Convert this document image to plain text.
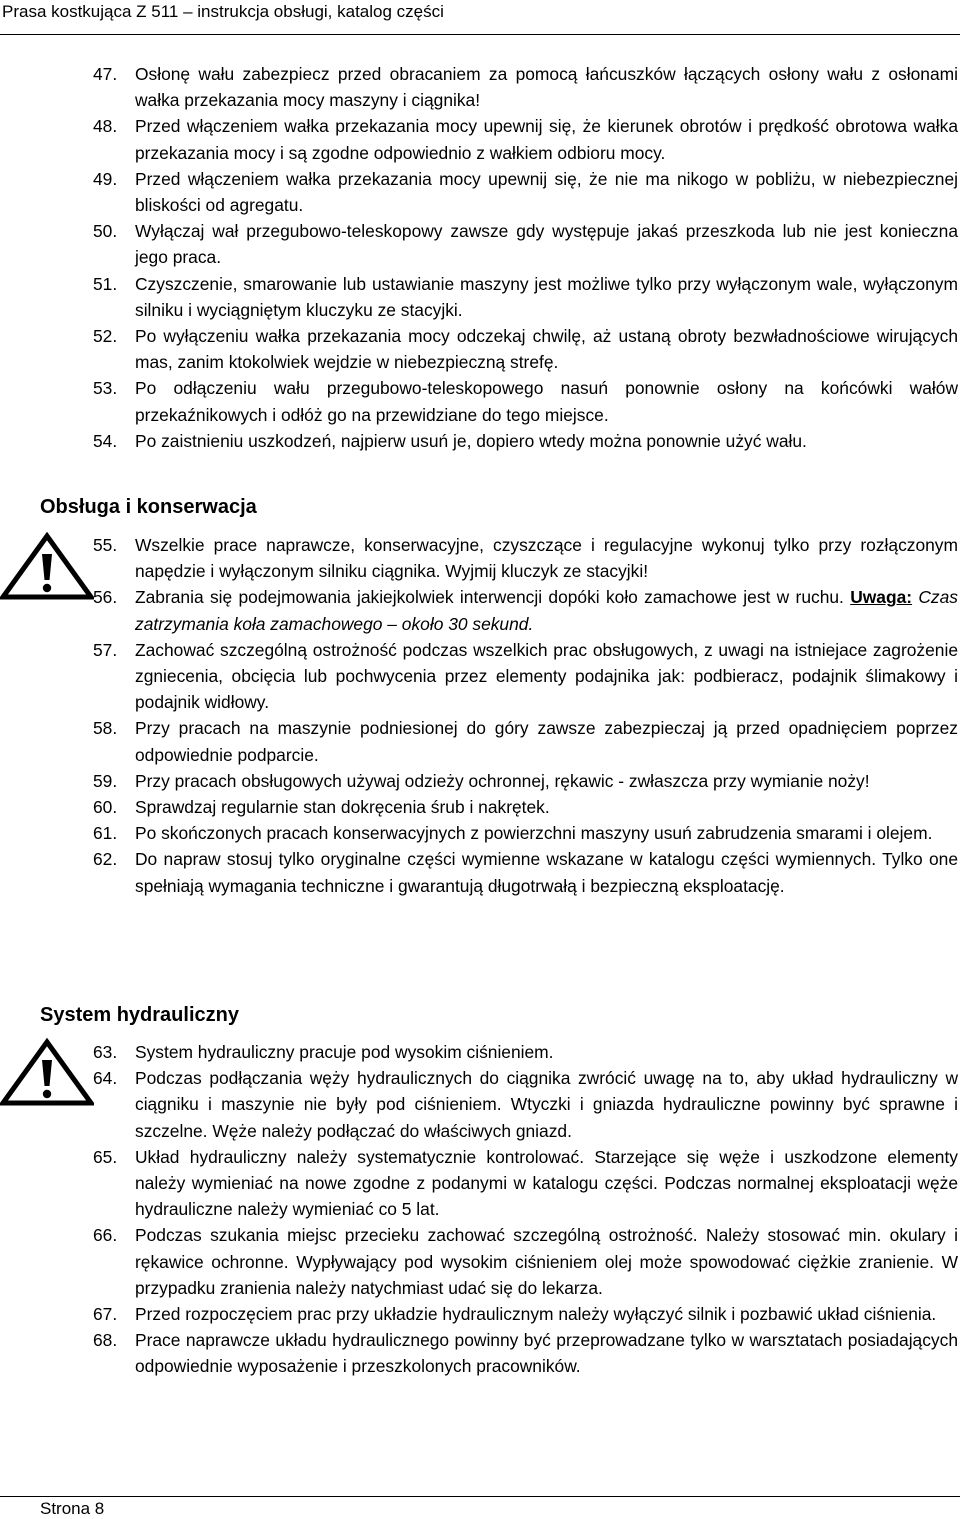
Prasa kostkująca Z 511 – instrukcja obsługi, katalog części
47.	Osłonę wału zabezpiecz przed obracaniem za pomocą łańcuszków łączących osłony wału z osłonami wałka przekazania mocy maszyny i ciągnika!
48.	Przed włączeniem wałka przekazania mocy upewnij się, że kierunek obrotów i prędkość obrotowa wałka przekazania mocy i są zgodne odpowiednio z wałkiem odbioru mocy.
49.	Przed włączeniem wałka przekazania mocy upewnij się, że nie ma nikogo w pobliżu, w niebezpiecznej bliskości od agregatu.
50.	Wyłączaj wał przegubowo-teleskopowy zawsze gdy występuje jakaś przeszkoda lub nie jest konieczna jego praca.
51.	Czyszczenie, smarowanie lub ustawianie maszyny jest możliwe tylko przy wyłączonym wale, wyłączonym silniku i wyciągniętym kluczyku ze stacyjki.
52.	Po wyłączeniu wałka przekazania mocy odczekaj chwilę, aż ustaną obroty bezwładnościowe wirujących mas, zanim ktokolwiek wejdzie w niebezpieczną strefę.
53.	Po odłączeniu wału przegubowo-teleskopowego nasuń ponownie osłony na końcówki wałów przekaźnikowych i odłóż go na przewidziane do tego miejsce.
54.	Po zaistnieniu uszkodzeń, najpierw usuń je, dopiero wtedy można ponownie użyć wału.
Obsługa i konserwacja
55.	Wszelkie prace naprawcze, konserwacyjne, czyszczące i regulacyjne wykonuj tylko przy rozłączonym napędzie i wyłączonym silniku ciągnika. Wyjmij kluczyk ze stacyjki!
56.	Zabrania się podejmowania jakiejkolwiek interwencji dopóki koło zamachowe jest w ruchu. Uwaga: Czas zatrzymania koła zamachowego – około 30 sekund.
57.	Zachować szczególną ostrożność podczas wszelkich prac obsługowych, z uwagi na istniejace zagrożenie zgniecenia, obcięcia lub pochwycenia przez elementy podajnika jak: podbieracz, podajnik ślimakowy i podajnik widłowy.
58.	Przy pracach na maszynie podniesionej do góry zawsze zabezpieczaj ją przed opadnięciem poprzez odpowiednie podparcie.
59.	Przy pracach obsługowych używaj odzieży ochronnej, rękawic - zwłaszcza przy wymianie noży!
60.	Sprawdzaj regularnie stan dokręcenia śrub i nakrętek.
61.	Po skończonych pracach konserwacyjnych z powierzchni maszyny usuń zabrudzenia smarami i olejem.
62.	Do napraw stosuj tylko oryginalne części wymienne wskazane w katalogu części wymiennych. Tylko one spełniają wymagania techniczne i gwarantują długotrwałą i bezpieczną eksploatację.
System hydrauliczny
63.	System hydrauliczny pracuje pod wysokim ciśnieniem.
64.	Podczas podłączania węży hydraulicznych do ciągnika zwrócić uwagę na to, aby układ hydrauliczny w ciągniku i maszynie nie były pod ciśnieniem. Wtyczki i gniazda hydrauliczne powinny być sprawne i szczelne. Węże należy podłączać do właściwych gniazd.
65.	Układ hydrauliczny należy systematycznie kontrolować. Starzejące się węże i uszkodzone elementy należy wymieniać na nowe zgodne z podanymi w katalogu części. Podczas normalnej eksploatacji węże hydrauliczne należy wymieniać co 5 lat.
66.	Podczas szukania miejsc przecieku zachować szczególną ostrożność. Należy stosować min. okulary i rękawice ochronne. Wypływający pod wysokim ciśnieniem olej może spowodować ciężkie zranienie. W przypadku zranienia należy natychmiast udać się do lekarza.
67.	Przed rozpoczęciem prac przy układzie hydraulicznym należy wyłączyć silnik i pozbawić układ ciśnienia.
68.	Prace naprawcze układu hydraulicznego powinny być przeprowadzane tylko w warsztatach posiadających odpowiednie wyposażenie i przeszkolonych pracowników.
Strona 8
